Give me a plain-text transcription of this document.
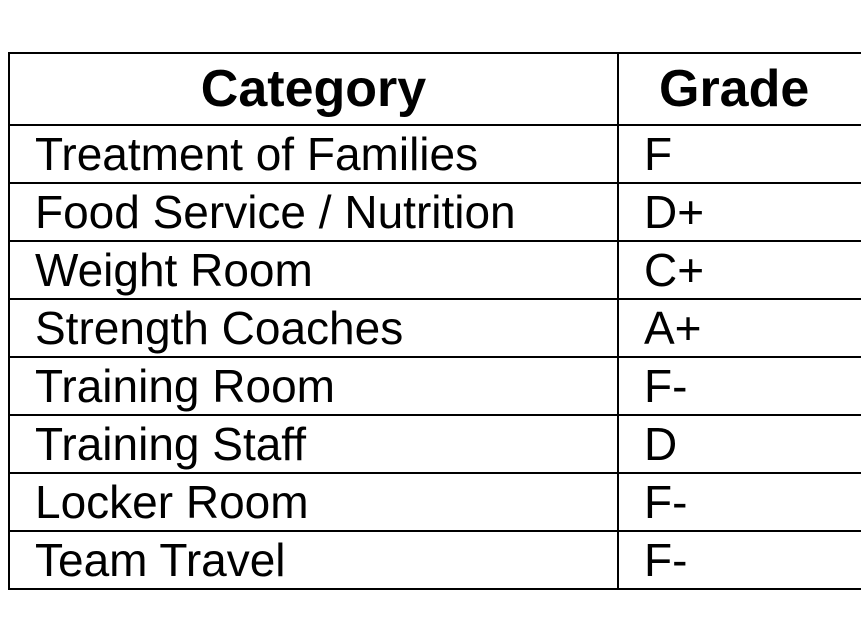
Category	Grade
Treatment of Families	F
Food Service / Nutrition	D+
Weight Room	C+
Strength Coaches	A+
Training Room	F-
Training Staff	D
Locker Room	F-
Team Travel	F-
